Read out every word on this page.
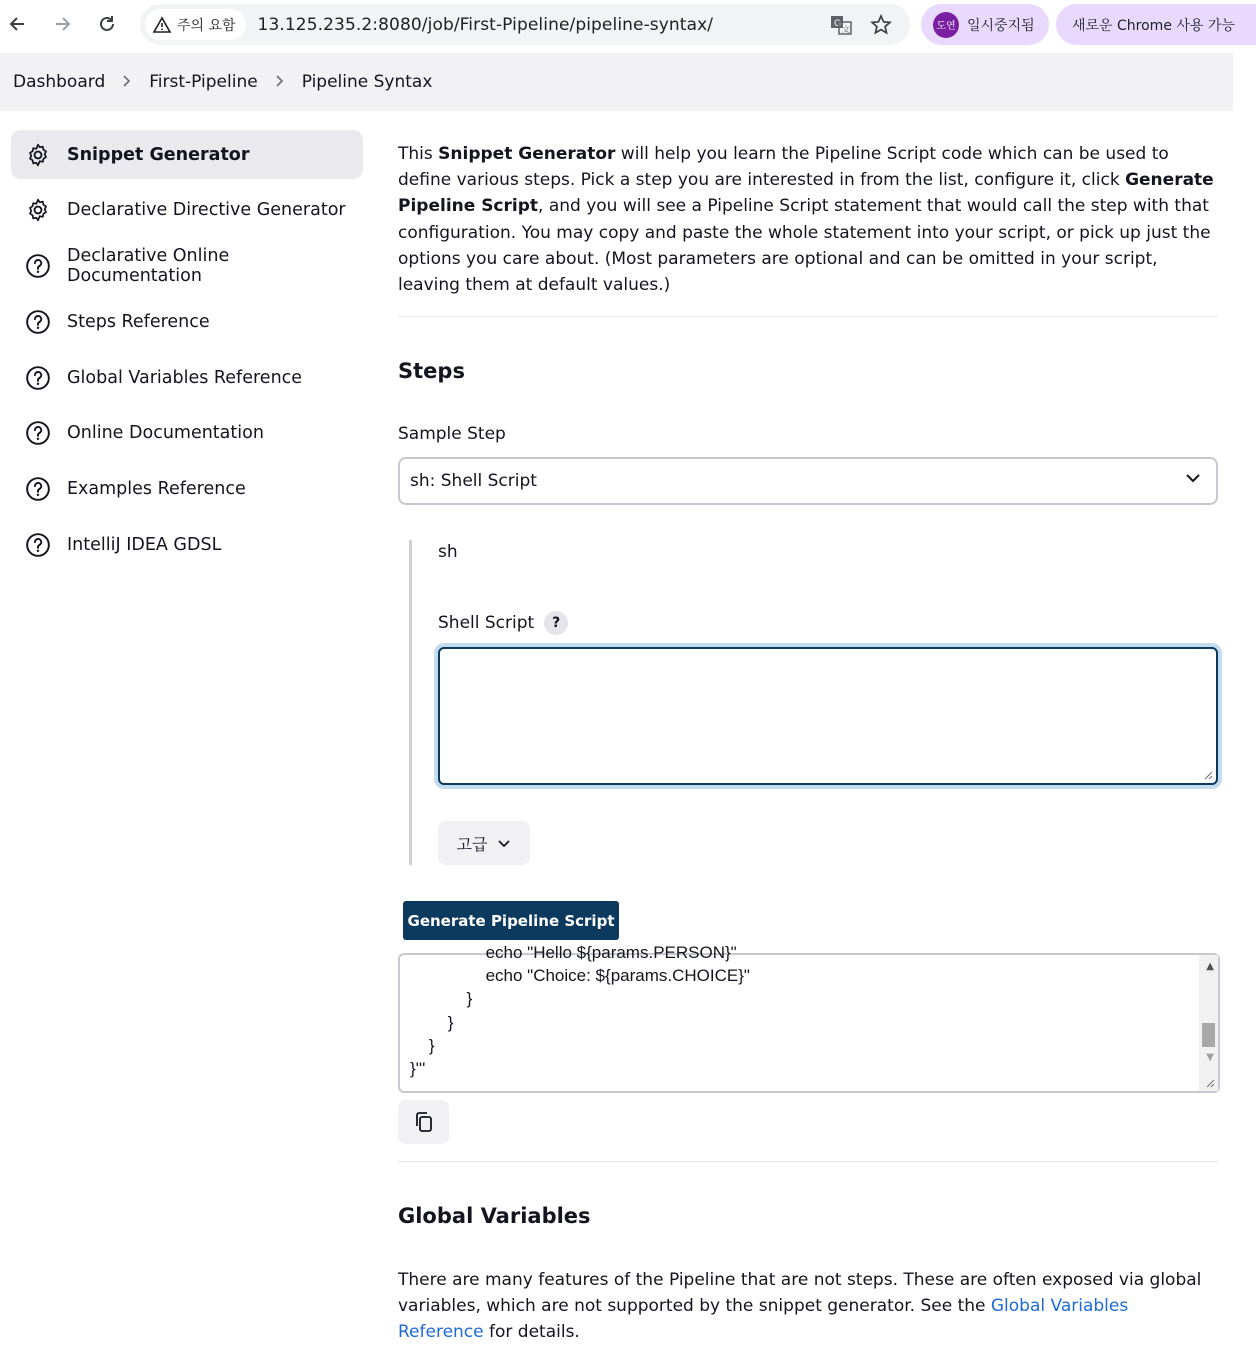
주의 요함 13.125.235.2:8080/job/First-Pipeline/pipeline-syntax/	G
文	도연 일시중지됨	새로운 Chrome 사용 가능
Dashboard	First-Pipeline	Pipeline Syntax
Snippet Generator
Declarative Directive Generator
Declarative Online Documentation
Steps Reference
Global Variables Reference
Online Documentation
Examples Reference
IntelliJ IDEA GDSL

This Snippet Generator will help you learn the Pipeline Script code which can be used to define various steps. Pick a step you are interested in from the list, configure it, click Generate Pipeline Script, and you will see a Pipeline Script statement that would call the step with that configuration. You may copy and paste the whole statement into your script, or pick up just the options you care about. (Most parameters are optional and can be omitted in your script, leaving them at default values.)

Steps
Sample Step
sh: Shell Script
sh
Shell Script	?
고급
Generate Pipeline Script
echo "Hello ${params.PERSON}"
echo "Choice: ${params.CHOICE}"
}
}
}
}'''
▲
▼
Global Variables

There are many features of the Pipeline that are not steps. These are often exposed via global variables, which are not supported by the snippet generator. See the Global Variables Reference for details.
